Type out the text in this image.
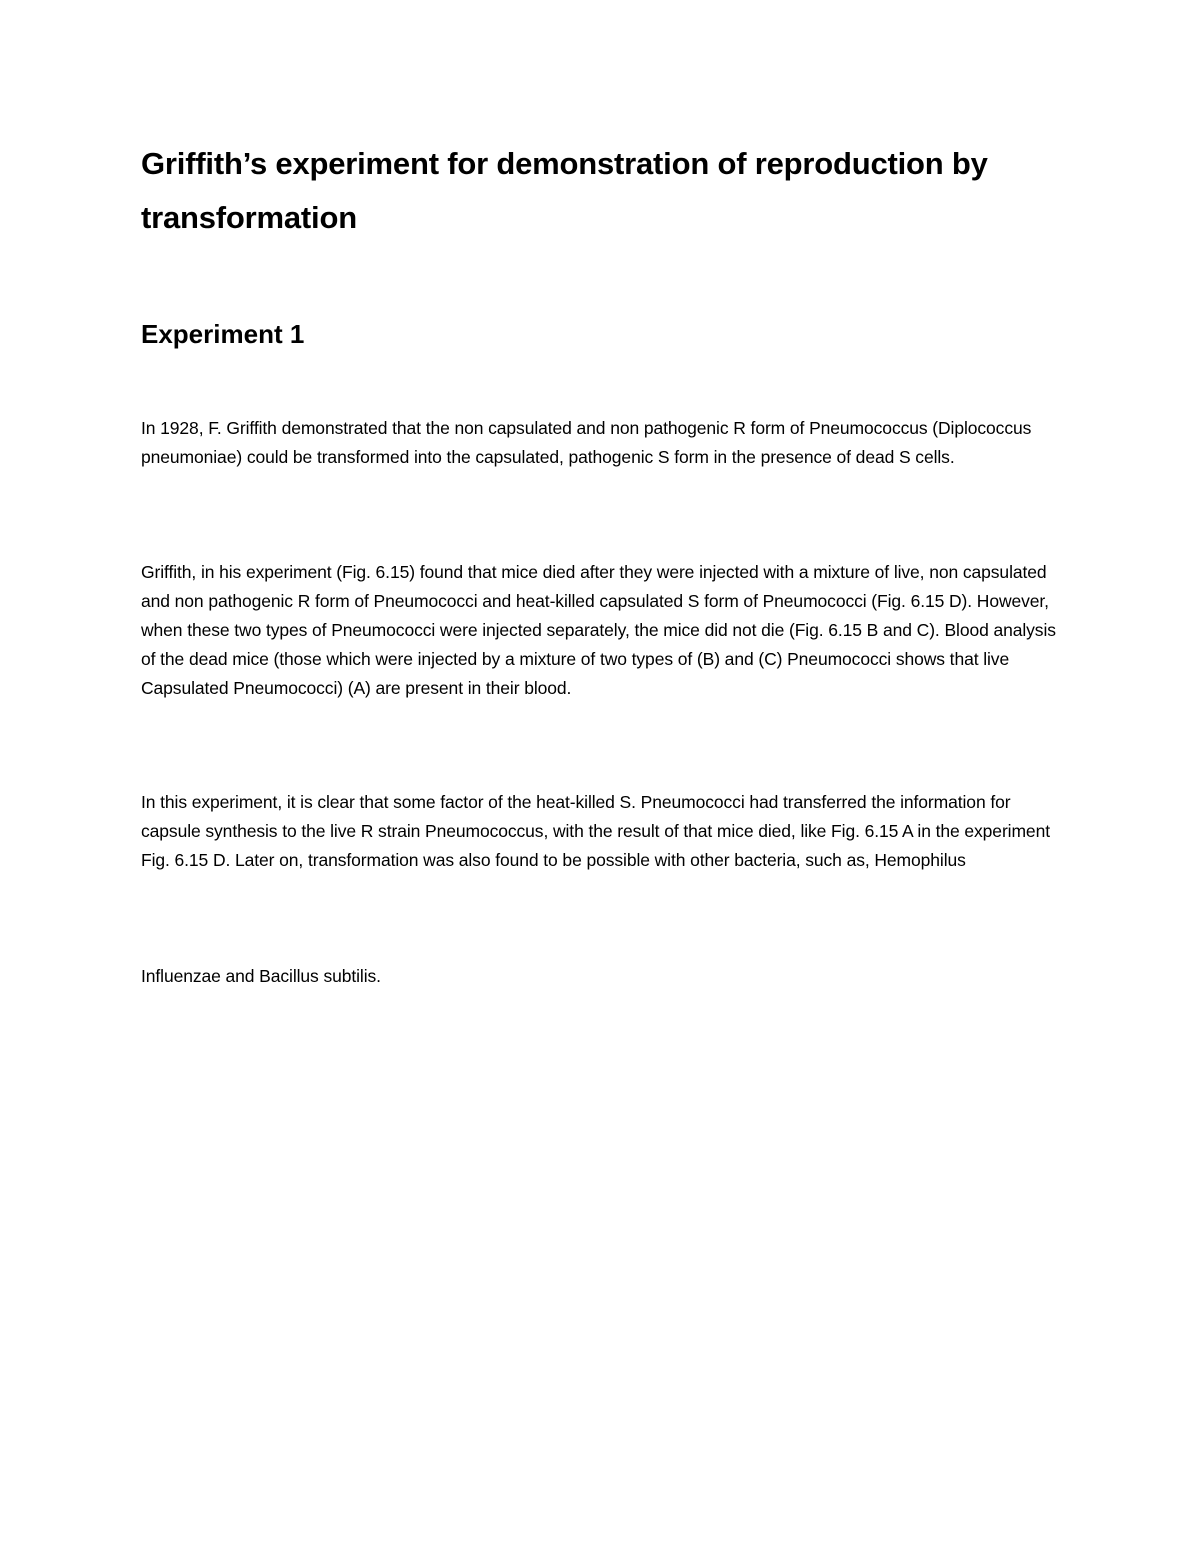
Griffith’s experiment for demonstration of reproduction by transformation
Experiment 1

In 1928, F. Griffith demonstrated that the non capsulated and non pathogenic R form of Pneumococcus (Diplococcus pneumoniae) could be transformed into the capsulated, pathogenic S form in the presence of dead S cells.

Griffith, in his experiment (Fig. 6.15) found that mice died after they were injected with a mixture of live, non capsulated and non pathogenic R form of Pneumococci and heat-killed capsulated S form of Pneumococci (Fig. 6.15 D). However, when these two types of Pneumococci were injected separately, the mice did not die (Fig. 6.15 B and C). Blood analysis of the dead mice (those which were injected by a mixture of two types of (B) and (C) Pneumococci shows that live Capsulated Pneumococci) (A) are present in their blood.

In this experiment, it is clear that some factor of the heat-killed S. Pneumococci had transferred the information for capsule synthesis to the live R strain Pneumococcus, with the result of that mice died, like Fig. 6.15 A in the experiment Fig. 6.15 D. Later on, transformation was also found to be possible with other bacteria, such as, Hemophilus

Influenzae and Bacillus subtilis.
